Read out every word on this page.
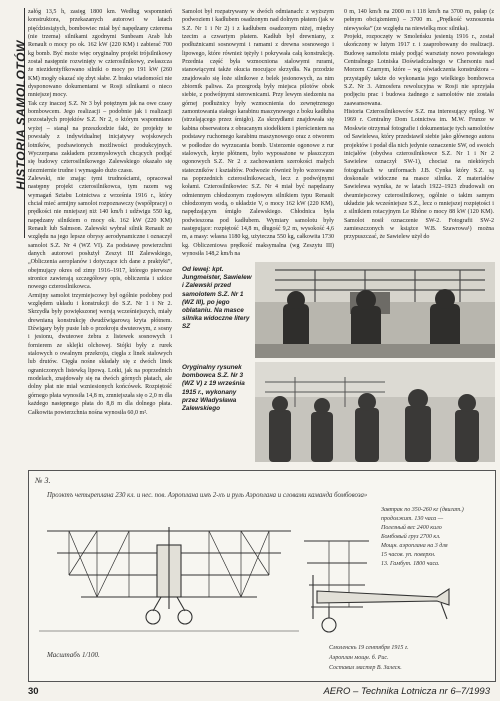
HISTORIA SAMOLOTÓW
załóg 13,5 h, zasięg 1800 km. Według wspomnień konstruktora, przekazanych autorowi w latach pięćdziesiątych, bombowiec miał być napędzany czterema (nie trzema) silnikami zgodnymi Sunbeam Arab lub Renault o mocy po ok. 162 kW (220 KM) i zabierać 700 kg bomb. Być może więc oryginalny projekt trójsilnikowy został następnie rozwinięty w czterosilnikowy, zwłaszcza że niezidentyfikowano silniki o mocy po 191 kW (260 KM) mogły okazać się zbyt słabe. Z braku wiadomości nie dysponowano dokumentami w Rosji silnikami o nieco mniejszej mocy.
Tak czy inaczej S.Z. Nr 3 był potężnym jak na owe czasy bombowcem. Jego realizacji – podobnie jak i realizacji pozostałych projektów S.Z. Nr 2, o którym wspomniano wyżej – stanął na przeszkodzie fakt, że projekty te powstały z indywidualnej inicjatywy wojskowych lotników, pozbawionych możliwości produkcyjnych. Wyczerpana zakładem przemysłowych chcących podjąć się budowy czterosilnikowego Zalewskiego okazało się niezmiernie trudne i wymagało dużo czasu.
Zalewski, nie znając tymi trudnościami, opracował następny projekt czterosilnikowca, tym razem wg wymagań Sztabu Lotnictwa z września 1916 r., który chciał mieć armijny samolot rozpoznawczy (współpracy) o prędkości nie mniejszej niż 140 km/h i udźwigu 550 kg, napędzany silnikiem o mocy ok. 162 kW (220 KM) Renault lub Salmson. Zalewski wybrał silnik Renault ze względu na jego lepsze obrysy aerodynamiczne i oznaczył samolot S.Z. Nr 4 (WZ VI). Za podstawę powierzchni danych autorowi posłużył Zeszyt III Zalewskiego, „Obliczenia aeroplanów i dotyczące ich dane z praktyki”, obejmujący okres od zimy 1916–1917, którego pierwsze stronice zawierają szczegółowy opis, obliczenia i szkice nowego czterosilnikowca.
Armijny samolot trzymiejscowy był ogólnie podobny pod względem układu i konstrukcji do S.Z. Nr 1 i Nr 2. Skrzydła były powiększonej wersją wcześniejszych, miały drewnianą konstrukcję dwudźwigarową kryta płótnem. Dźwigary były puste lub o przekroju dwuteowym, z sosny i jesionu, dwuteowe żebra z listewek sosnowych i fornierem ze sklejki olchowej. Stójki były z rurek stalowych o owalnym przekroju, cięgła z linek stalowych lub drutów. Cięgła nośne składały się z dwóch linek ograniczonych listewką lipową. Lotki, jak na poprzednich modelach, znajdowały się na dwóch górnych płatach, ale dolny płat nie miał wzniesionych końcówek. Rozpiętość górnego płata wynosiła 14,8 m, zmniejszała się o 2,0 m dla każdego następnego płata do 8,8 m dla dolnego płata. Całkowita powierzchnia nośna wynosiła 60,0 m².
Samolot był rozpatrywany w dwóch odmianach: z wyższym podwoziem i kadłubem osadzonym nad dolnym płatem (jak w S.Z. Nr 1 i Nr 2) i z kadłubem osadzonym niżej, między tzecim a czwartym płatem. Kadłub był drewniany, z podłużnicami sosnowymi i ramami z drewna sosnowego i lipowego, które również tężyły i pokrywała całą konstrukcję. Przednia część była wzmocniona stalowymi rurami, stanowiącymi także okucia mocujące skrzydła. Na przodzie znajdowało się łoże silnikowe z belek jesionowych, za nim zbiornik paliwa. Za przegrodą były miejsca pilotów obok siebie, z podwójnymi sterownicami. Przy lewym siedzeniu na górnej podłużnicy były wzmocnienia do zewnętrznego zamontowania stałego karabinu maszynowego z boku kadłuba (strzelającego przez śmigło). Za skrzydłami znajdowała się kabina obserwatora z obracanym siodełkiem i pierścieniem na podstawy ruchomego karabinu maszynowego oraz z otworem w podłodze do wyrzucania bomb. Usterzenie ogonowe z rur stalowych, kryte płótnem, było wyposażone w płaszczyzn ogonowych S.Z. Nr 2 z zachowaniem szerokości małych stateczników i kształtów. Podwozie również było wzorowane na poprzednich czterosilnikowcach, lecz z podwójnymi kołami. Czterosilnikowiec S.Z. Nr 4 miał być napędzany odmiennym chłodzonym rzędowym silnikiem typu Renault chłodzonym wodą, o układzie V, o mocy 162 kW (220 KM), napędzającym śmigło Zalewskiego. Chłodnica była podwieszona pod kadłubem. Wymiary samolotu były następujące: rozpiętość 14,8 m, długość 9,2 m, wysokość 4,6 m, a masy: własna 1180 kg, użyteczna 550 kg, całkowita 1730 kg. Obliczeniowa prędkość maksymalna (wg Zeszytu III) wynosiła 148,2 km/h na
0 m, 140 km/h na 2000 m i 118 km/h na 3700 m, pułap (z pełnym obciążeniem) – 3700 m. „Prędkość wznoszenia niewysoka” (ze względu na niewielką moc silnika).
Projekt, rozpoczęty w Smoleńsku jesienią 1916 r., został ukończony w lutym 1917 r. i zaaprobowany do realizacji. Budowę samolotu miały podjąć warsztaty nowo powstałego Centralnego Lotniska Doświadczalnego w Chersoniu nad Morzem Czarnym, które – wg oświadczenia konstruktora – przystąpiły także do wykonania jego wielkiego bombowca S.Z. Nr 3. Atmosfera rewolucyjna w Rosji nie sprzyjała podjęciu prac i budowa żadnego z samolotów nie została zaawansowana.
Historia Czterosilnikowców S.Z. ma interesujący epilog. W 1969 r. Centralny Dom Lotnictwa im. M.W. Frunze w Moskwie otrzymał fotografie i dokumentacje tych samolotów od Sawielewa, który przedstawił siebie jako głównego autora projektów i podał dla nich jedynie oznaczenie SW, od swoich inicjałów (obydwa czterosilnikowce S.Z. Nr 1 i Nr 2 Sawielew oznaczył SW-1), chociaż na niektórych fotografiach w uniformach J.B. Cynka który S.Z. są doskonale widoczne na masce silnika. Z materiałów Sawielewa wynika, że w latach 1922–1923 zbudowali on dwumiejscowy czterosilnikowy, ogólnie o takim samym układzie jak wcześniejsze S.Z., lecz o mniejszej rozpiętości i z silnikiem rotacyjnym Le Rhône o mocy 88 kW (120 KM). Samolot nosił oznaczenie SW-2. Fotografii SW-2 zamieszczonych w książce W.B. Szawrowa¹) można przypuszczać, że Sawielew użył do
Od lewej: kpt. Jungmeister, Sawielew i Zalewski przed samolotem S.Z. Nr 1 (WZ III), po jego oblataniu. Na masce silnika widoczne litery SZ
Oryginalny rysunek bombowca S.Z. Nr 3 (WZ V) z 19 września 1915 r., wykonany przez Władysława Zalewskiego
№ 3.
Проэктъ четыреплана 230 кл. и нес. пов. Аэроплана имъ 2-хъ и руль Аэроплана и словами каманда бомбовоза»
Масштабъ 1/100.
Завтрак по 350-260 кг (двигат.)
продолжит. 130 часа —
Полезный вес 2400 кило
Бомбовый груз 2700 кл.
Мощн. аэроплана на 3 для
15 часов. уп. поверхн.
13. Гамбут. 1800 часа.
Смоленскъ 19 сентября 1915 г.
Аэроплан мощн. б. Рис.
Составил мастер В. Залеск.
30	AERO – Technika Lotnicza nr 6–7/1993
